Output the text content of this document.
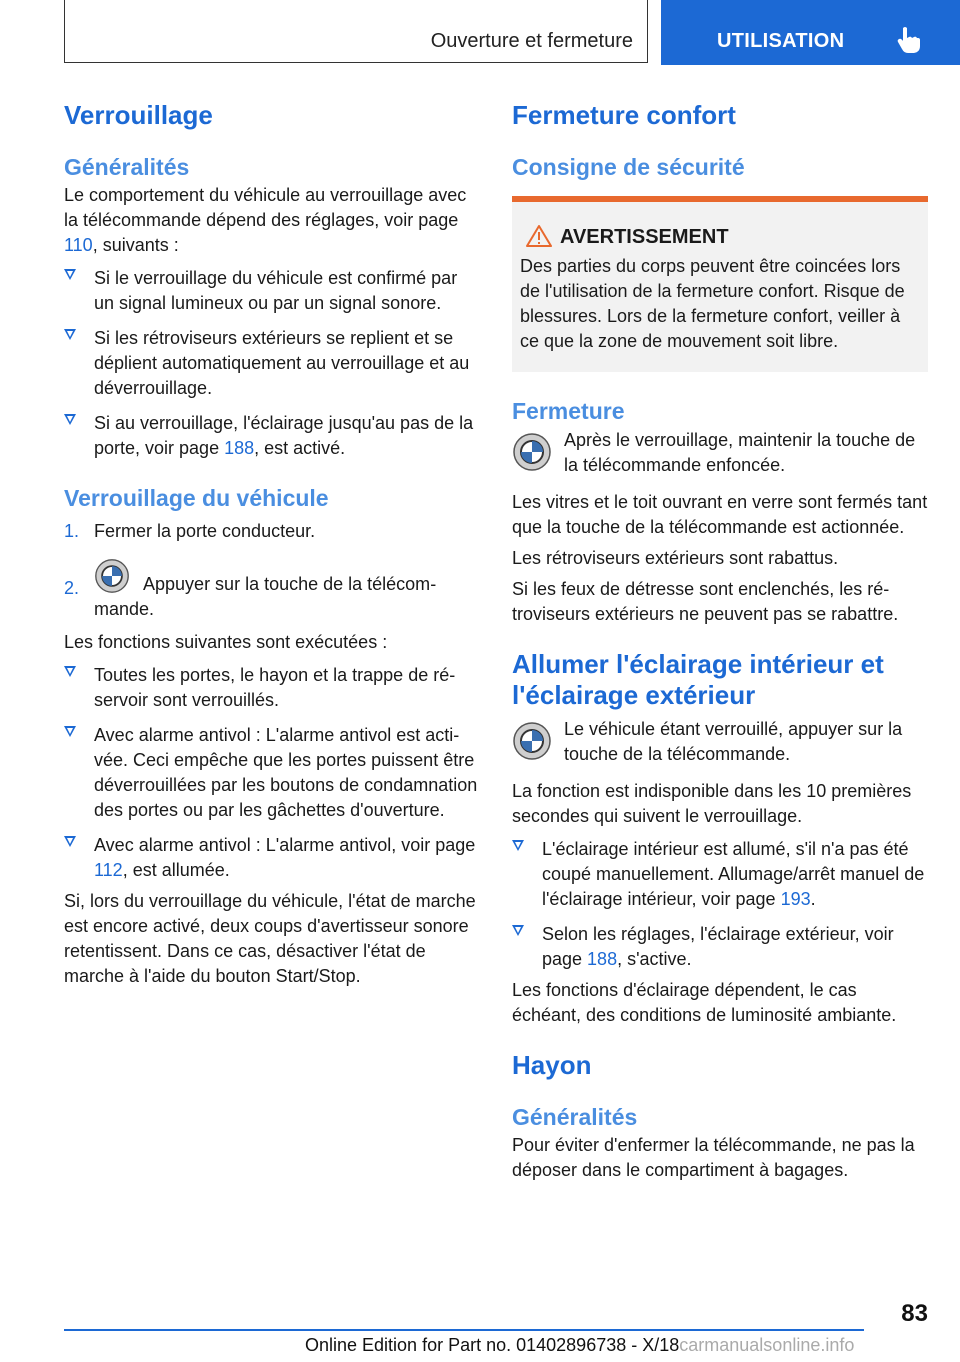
Ouverture et fermeture	UTILISATION
Verrouillage
Généralités

Le comportement du véhicule au verrouillage avec la télécommande dépend des réglages, voir page 110, suivants :

Si le verrouillage du véhicule est confirmé par un signal lumineux ou par un signal sonore.
Si les rétroviseurs extérieurs se replient et se déplient automatiquement au verrouillage et au déverrouillage.
Si au verrouillage, l'éclairage jusqu'au pas de la porte, voir page 188, est activé.
Verrouillage du véhicule
1. Fermer la porte conducteur.
2.	Appuyer sur la touche de la télécommande.

Les fonctions suivantes sont exécutées :

Toutes les portes, le hayon et la trappe de réservoir sont verrouillés.
Avec alarme antivol : L'alarme antivol est activée. Ceci empêche que les portes puissent être déverrouillées par les boutons de condamnation des portes ou par les gâchettes d'ouverture.
Avec alarme antivol : L'alarme antivol, voir page 112, est allumée.

Si, lors du verrouillage du véhicule, l'état de marche est encore activé, deux coups d'avertisseur sonore retentissent. Dans ce cas, désactiver l'état de marche à l'aide du bouton Start/Stop.

Fermeture confort
Consigne de sécurité
AVERTISSEMENT

Des parties du corps peuvent être coincées lors de l'utilisation de la fermeture confort. Risque de blessures. Lors de la fermeture confort, veiller à ce que la zone de mouvement soit libre.

Fermeture

Après le verrouillage, maintenir la touche de la télécommande enfoncée.

Les vitres et le toit ouvrant en verre sont fermés tant que la touche de la télécommande est actionnée.

Les rétroviseurs extérieurs sont rabattus.

Si les feux de détresse sont enclenchés, les rétroviseurs extérieurs ne peuvent pas se rabattre.

Allumer l'éclairage intérieur et l'éclairage extérieur

Le véhicule étant verrouillé, appuyer sur la touche de la télécommande.

La fonction est indisponible dans les 10 premières secondes qui suivent le verrouillage.

L'éclairage intérieur est allumé, s'il n'a pas été coupé manuellement. Allumage/arrêt manuel de l'éclairage intérieur, voir page 193.
Selon les réglages, l'éclairage extérieur, voir page 188, s'active.

Les fonctions d'éclairage dépendent, le cas échéant, des conditions de luminosité ambiante.

Hayon
Généralités

Pour éviter d'enfermer la télécommande, ne pas la déposer dans le compartiment à bagages.

83
Online Edition for Part no. 01402896738 - X/18carmanualsonline.info
